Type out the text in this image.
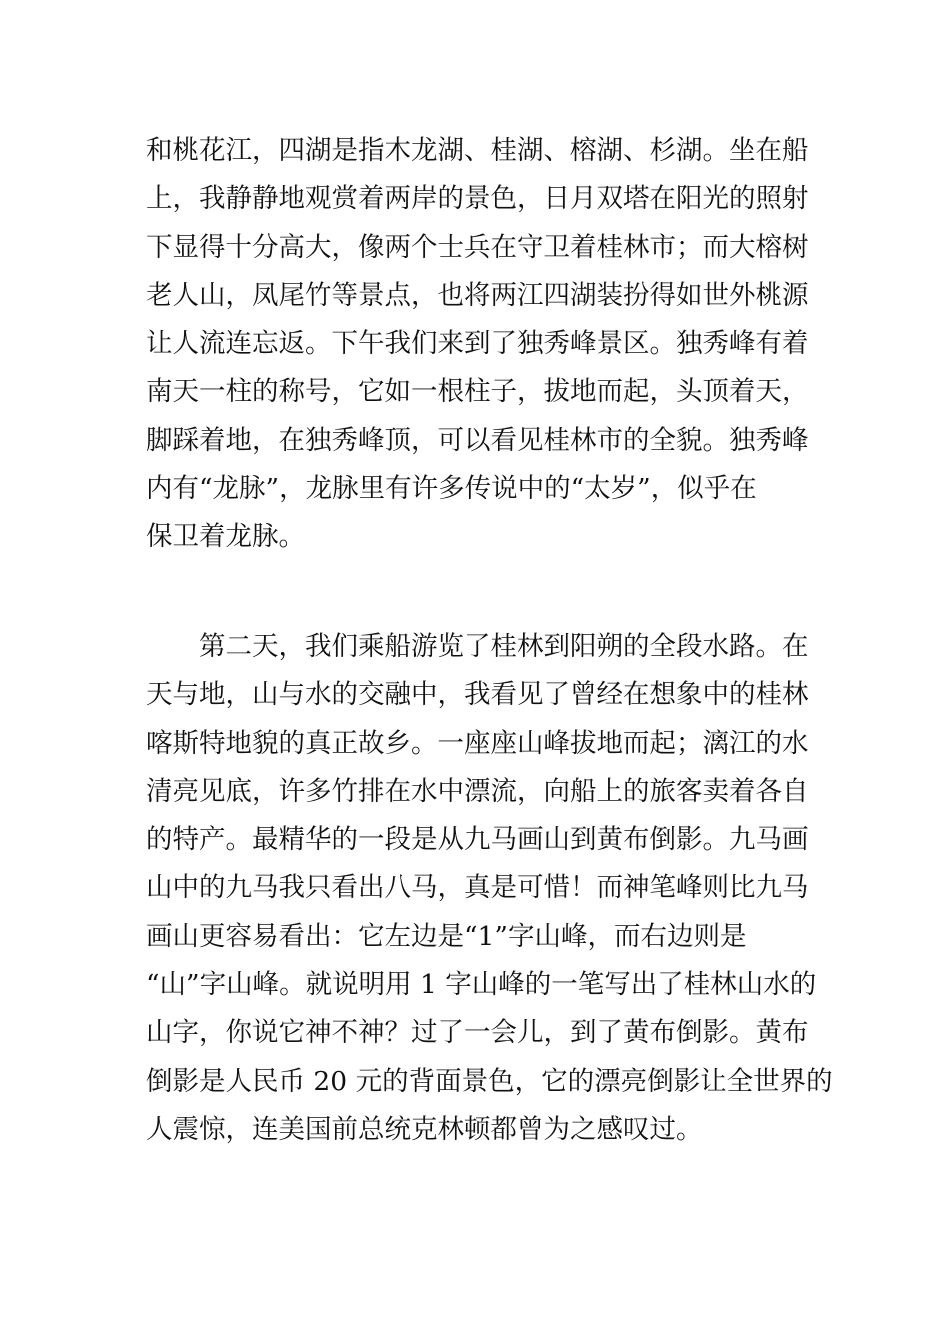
和桃花江，四湖是指木龙湖、桂湖、榕湖、杉湖。坐在船
上，我静静地观赏着两岸的景色，日月双塔在阳光的照射
下显得十分高大，像两个士兵在守卫着桂林市；而大榕树
老人山，凤尾竹等景点，也将两江四湖装扮得如世外桃源
让人流连忘返。下午我们来到了独秀峰景区。独秀峰有着
南天一柱的称号，它如一根柱子，拔地而起，头顶着天，
脚踩着地，在独秀峰顶，可以看见桂林市的全貌。独秀峰
内有“龙脉”，龙脉里有许多传说中的“太岁”，似乎在
保卫着龙脉。
　　第二天，我们乘船游览了桂林到阳朔的全段水路。在
天与地，山与水的交融中，我看见了曾经在想象中的桂林
喀斯特地貌的真正故乡。一座座山峰拔地而起；漓江的水
清亮见底，许多竹排在水中漂流，向船上的旅客卖着各自
的特产。最精华的一段是从九马画山到黄布倒影。九马画
山中的九马我只看出八马，真是可惜！而神笔峰则比九马
画山更容易看出：它左边是“1”字山峰，而右边则是
“山”字山峰。就说明用 1 字山峰的一笔写出了桂林山水的
山字，你说它神不神？过了一会儿，到了黄布倒影。黄布
倒影是人民币 20 元的背面景色，它的漂亮倒影让全世界的
人震惊，连美国前总统克林顿都曾为之感叹过。
